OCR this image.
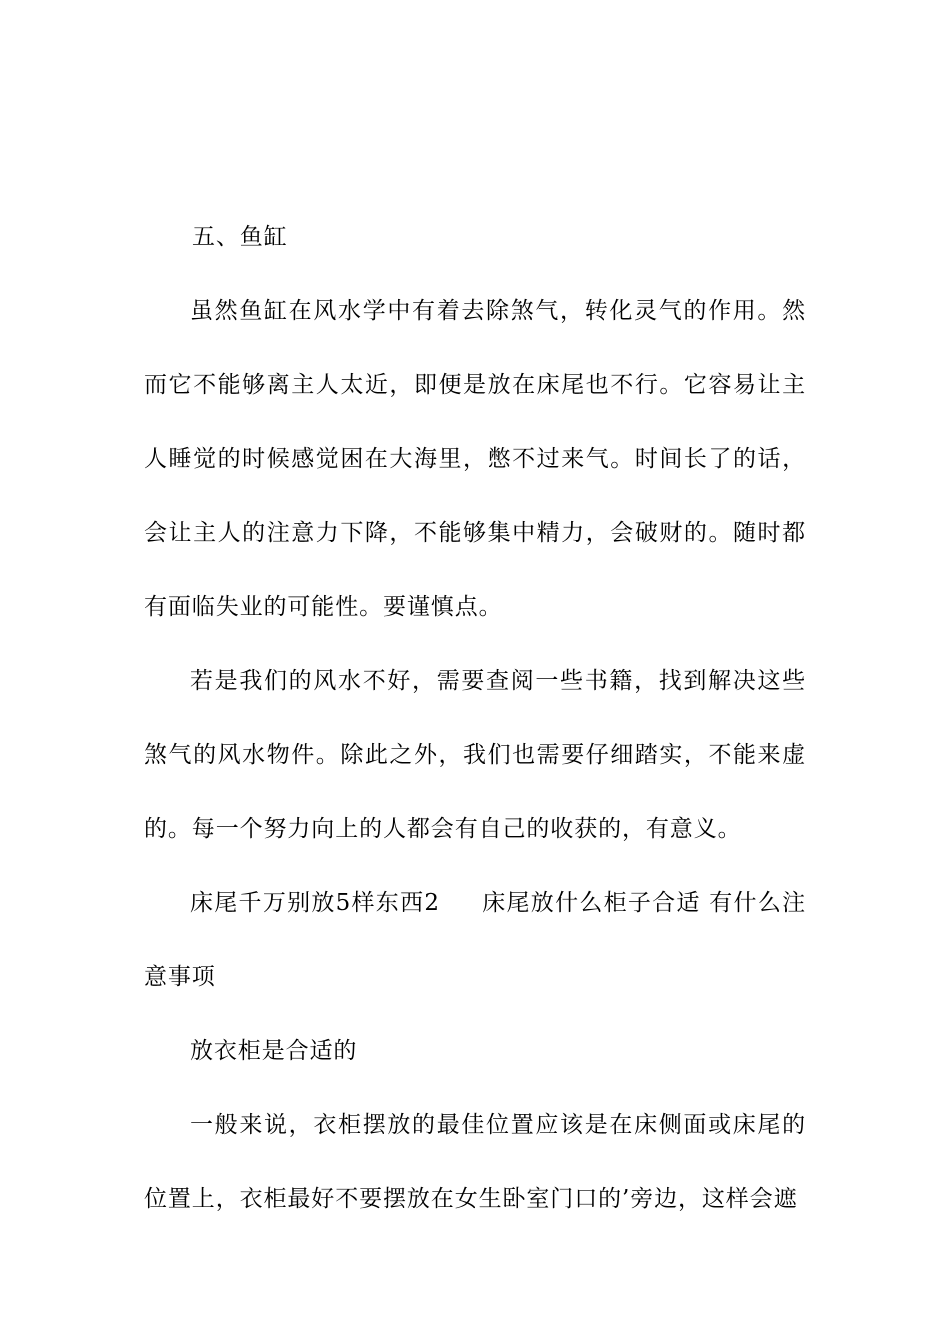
五、鱼缸

虽然鱼缸在风水学中有着去除煞气，转化灵气的作用。然而它不能够离主人太近，即便是放在床尾也不行。它容易让主人睡觉的时候感觉困在大海里，憋不过来气。时间长了的话，会让主人的注意力下降，不能够集中精力，会破财的。随时都有面临失业的可能性。要谨慎点。

若是我们的风水不好，需要查阅一些书籍，找到解决这些煞气的风水物件。除此之外，我们也需要仔细踏实，不能来虚的。每一个努力向上的人都会有自己的收获的，有意义。

床尾千万别放5样东西2 床尾放什么柜子合适 有什么注意事项

放衣柜是合适的

一般来说，衣柜摆放的最佳位置应该是在床侧面或床尾的位置上，衣柜最好不要摆放在女生卧室门口的’旁边，这样会遮
